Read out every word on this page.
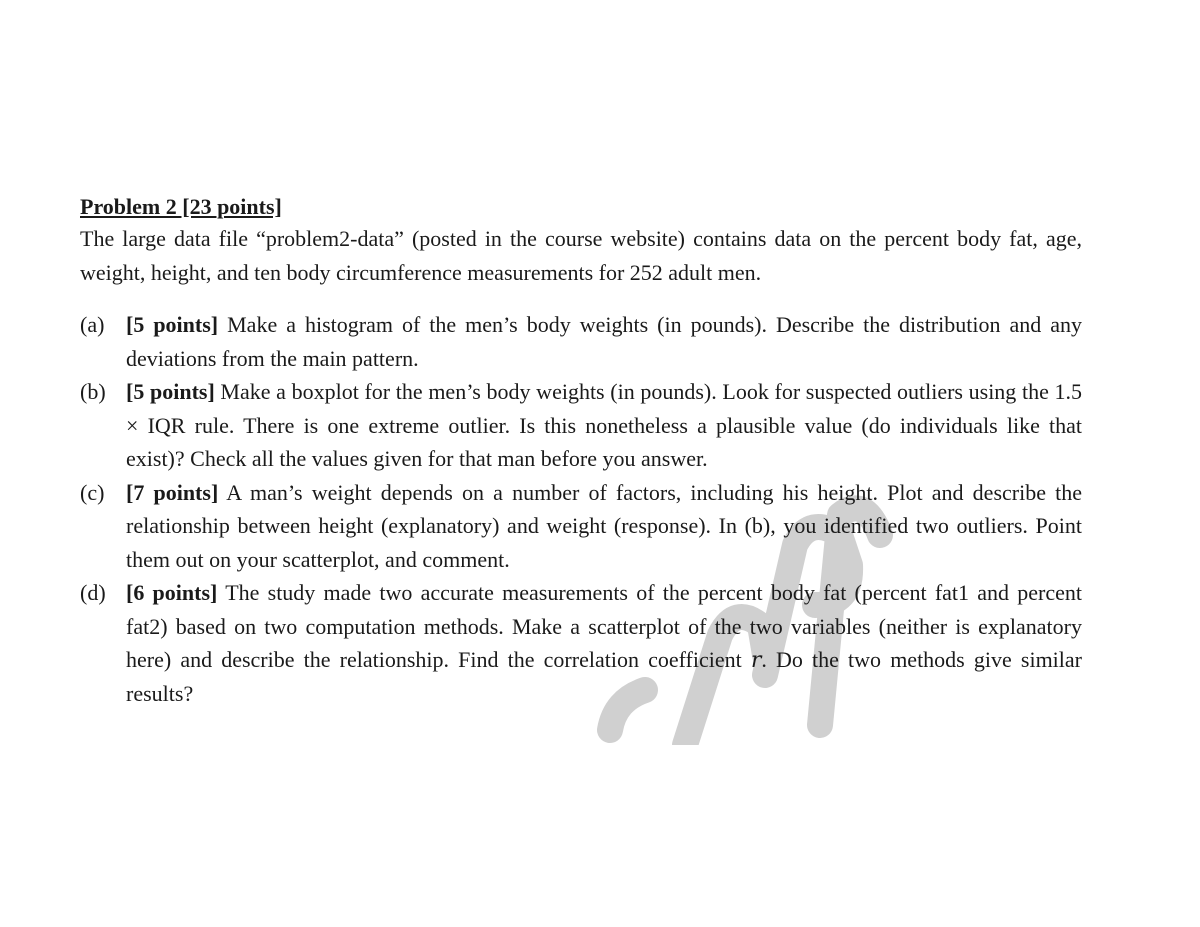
Problem 2 [23 points]

The large data file “problem2-data” (posted in the course website) contains data on the percent body fat, age, weight, height, and ten body circumference measurements for 252 adult men.

(a) [5 points] Make a histogram of the men’s body weights (in pounds). Describe the distribution and any deviations from the main pattern.
(b) [5 points] Make a boxplot for the men’s body weights (in pounds). Look for suspected outliers using the 1.5 × IQR rule. There is one extreme outlier. Is this nonetheless a plausible value (do individuals like that exist)? Check all the values given for that man before you answer.
(c) [7 points] A man’s weight depends on a number of factors, including his height. Plot and describe the relationship between height (explanatory) and weight (response). In (b), you identified two outliers. Point them out on your scatterplot, and comment.
(d) [6 points] The study made two accurate measurements of the percent body fat (percent fat1 and percent fat2) based on two computation methods. Make a scatterplot of the two variables (neither is explanatory here) and describe the relationship. Find the correlation coefficient 𝑟. Do the two methods give similar results?
